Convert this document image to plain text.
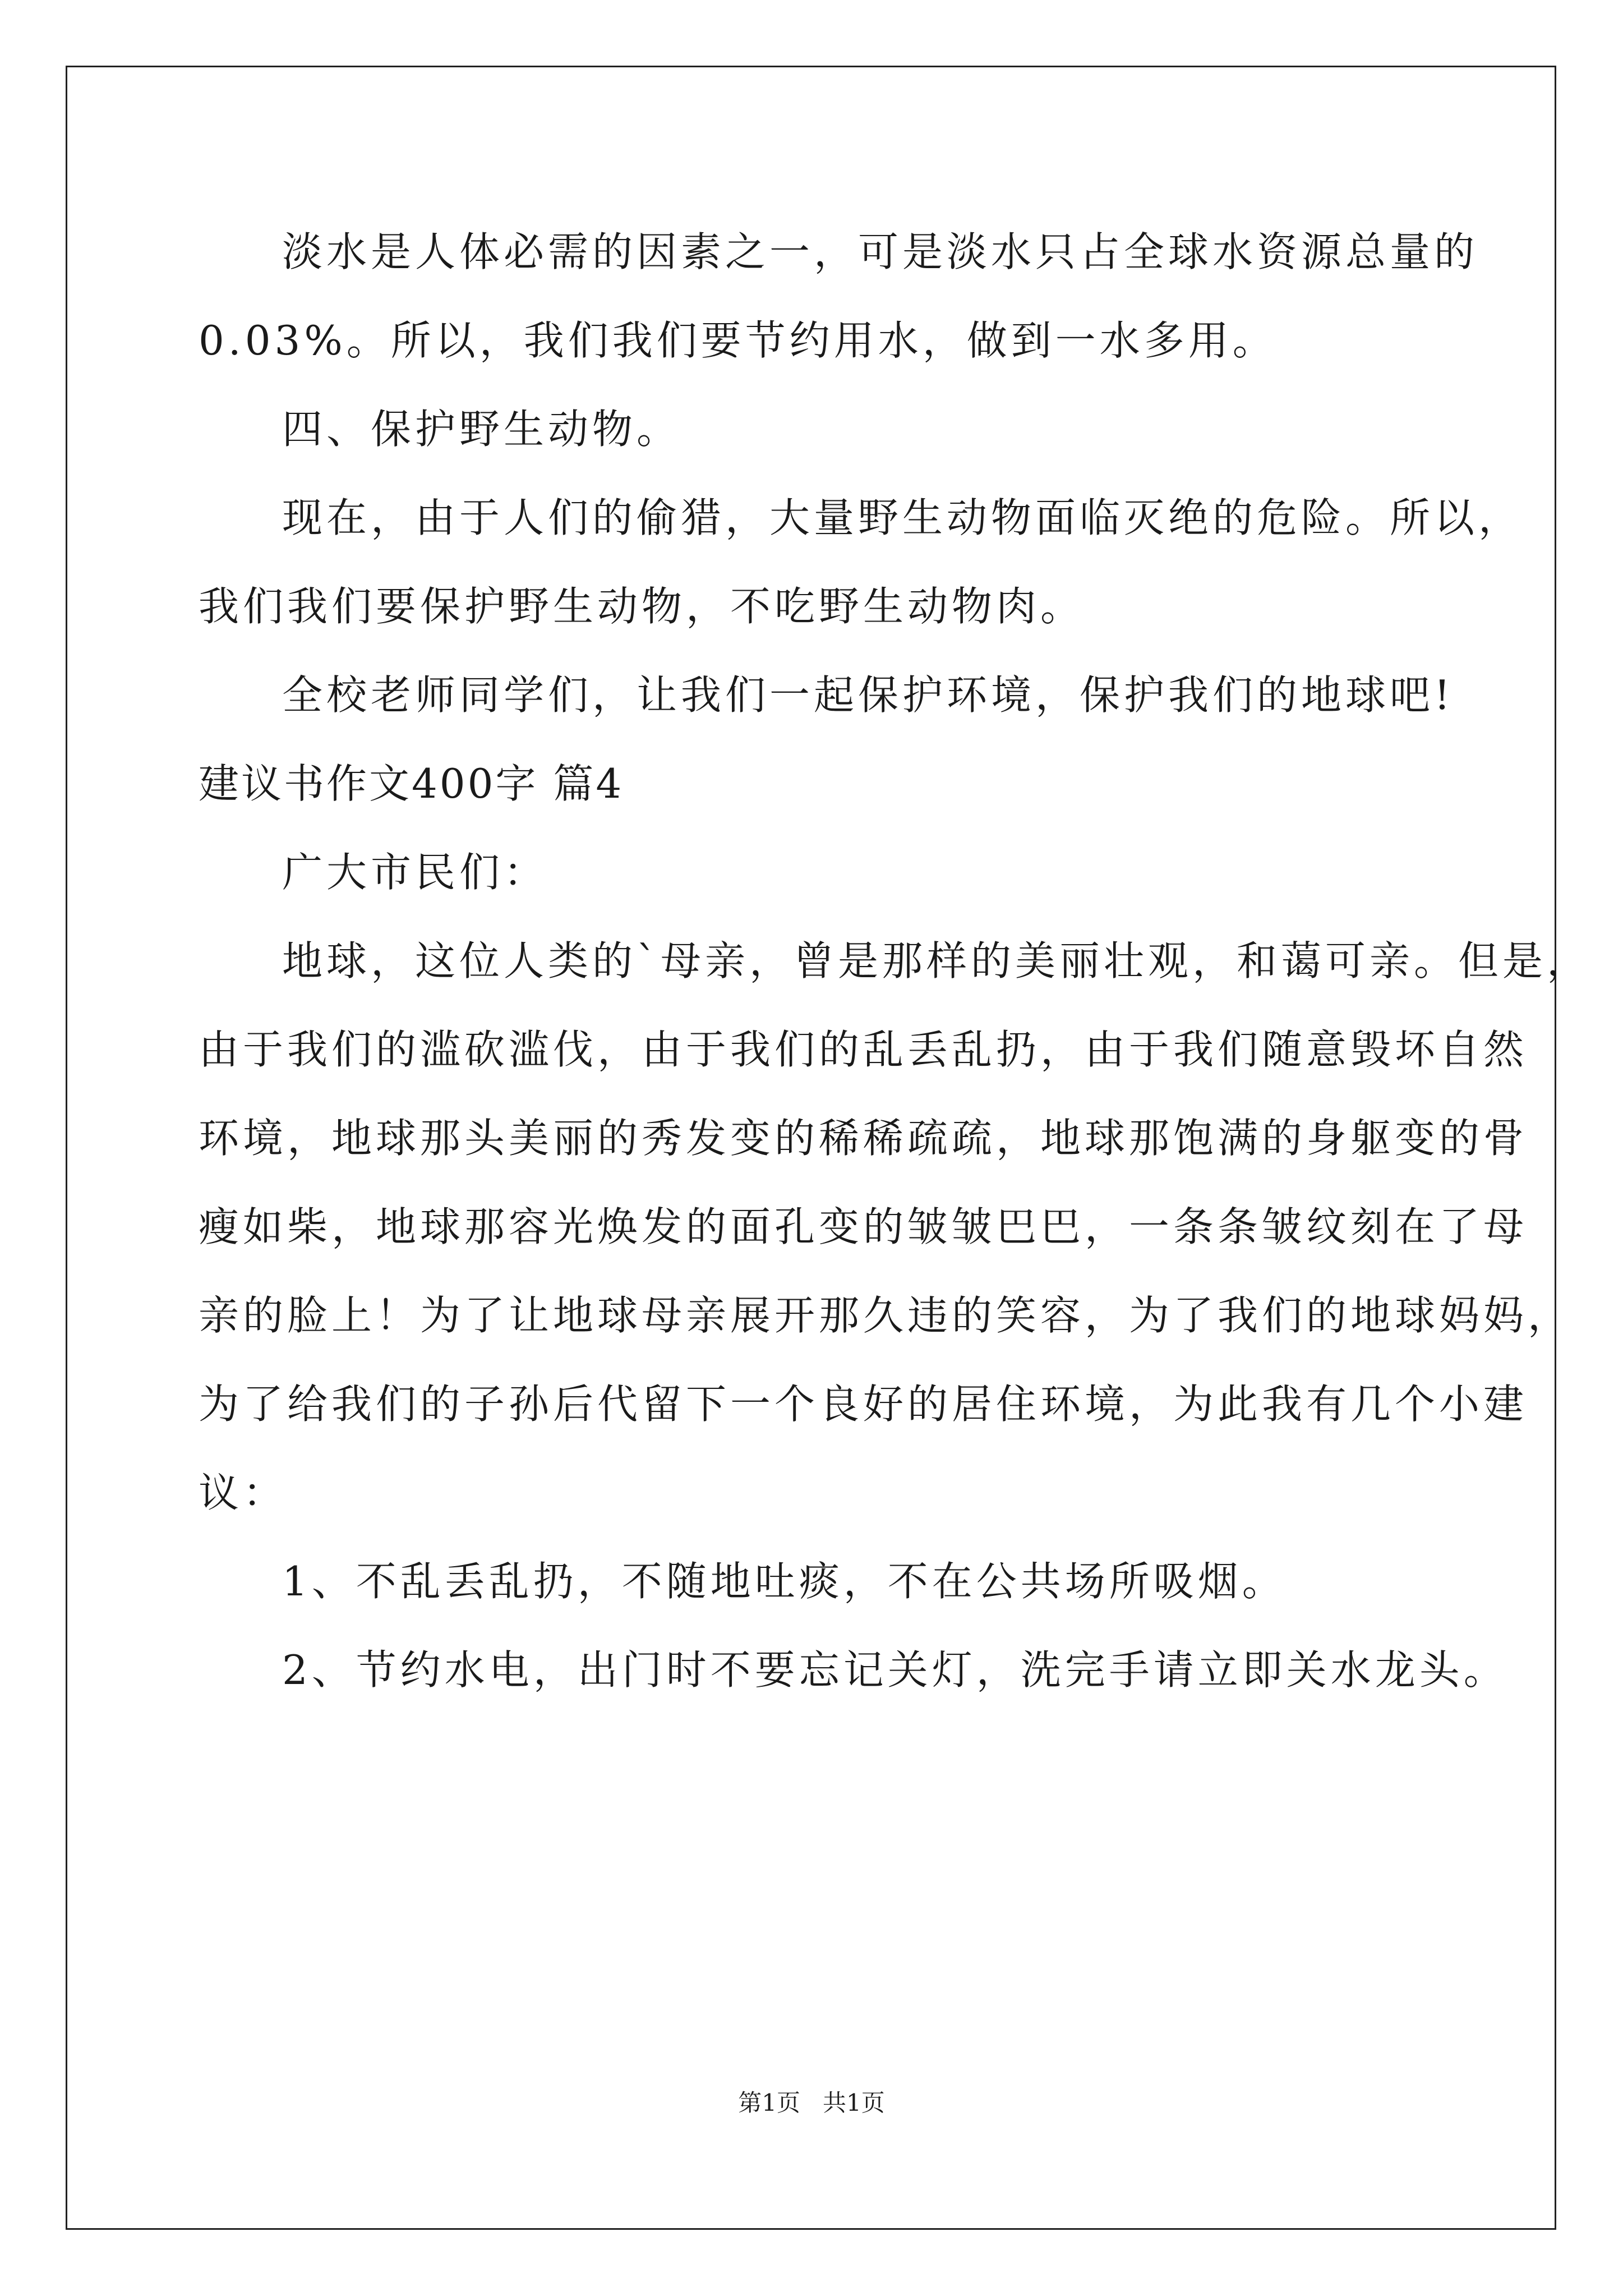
淡水是人体必需的因素之一，可是淡水只占全球水资源总量的
0.03%。所以，我们我们要节约用水，做到一水多用。
四、保护野生动物。
现在，由于人们的偷猎，大量野生动物面临灭绝的危险。所以，
我们我们要保护野生动物，不吃野生动物肉。
全校老师同学们，让我们一起保护环境，保护我们的地球吧!
建议书作文400字 篇4
广大市民们：
地球，这位人类的`母亲，曾是那样的美丽壮观，和蔼可亲。但是，
由于我们的滥砍滥伐，由于我们的乱丢乱扔，由于我们随意毁坏自然
环境，地球那头美丽的秀发变的稀稀疏疏，地球那饱满的身躯变的骨
瘦如柴，地球那容光焕发的面孔变的皱皱巴巴，一条条皱纹刻在了母
亲的脸上！为了让地球母亲展开那久违的笑容，为了我们的地球妈妈，
为了给我们的子孙后代留下一个良好的居住环境，为此我有几个小建
议：
1、不乱丢乱扔，不随地吐痰，不在公共场所吸烟。
2、节约水电，出门时不要忘记关灯，洗完手请立即关水龙头。
第1页 共1页
